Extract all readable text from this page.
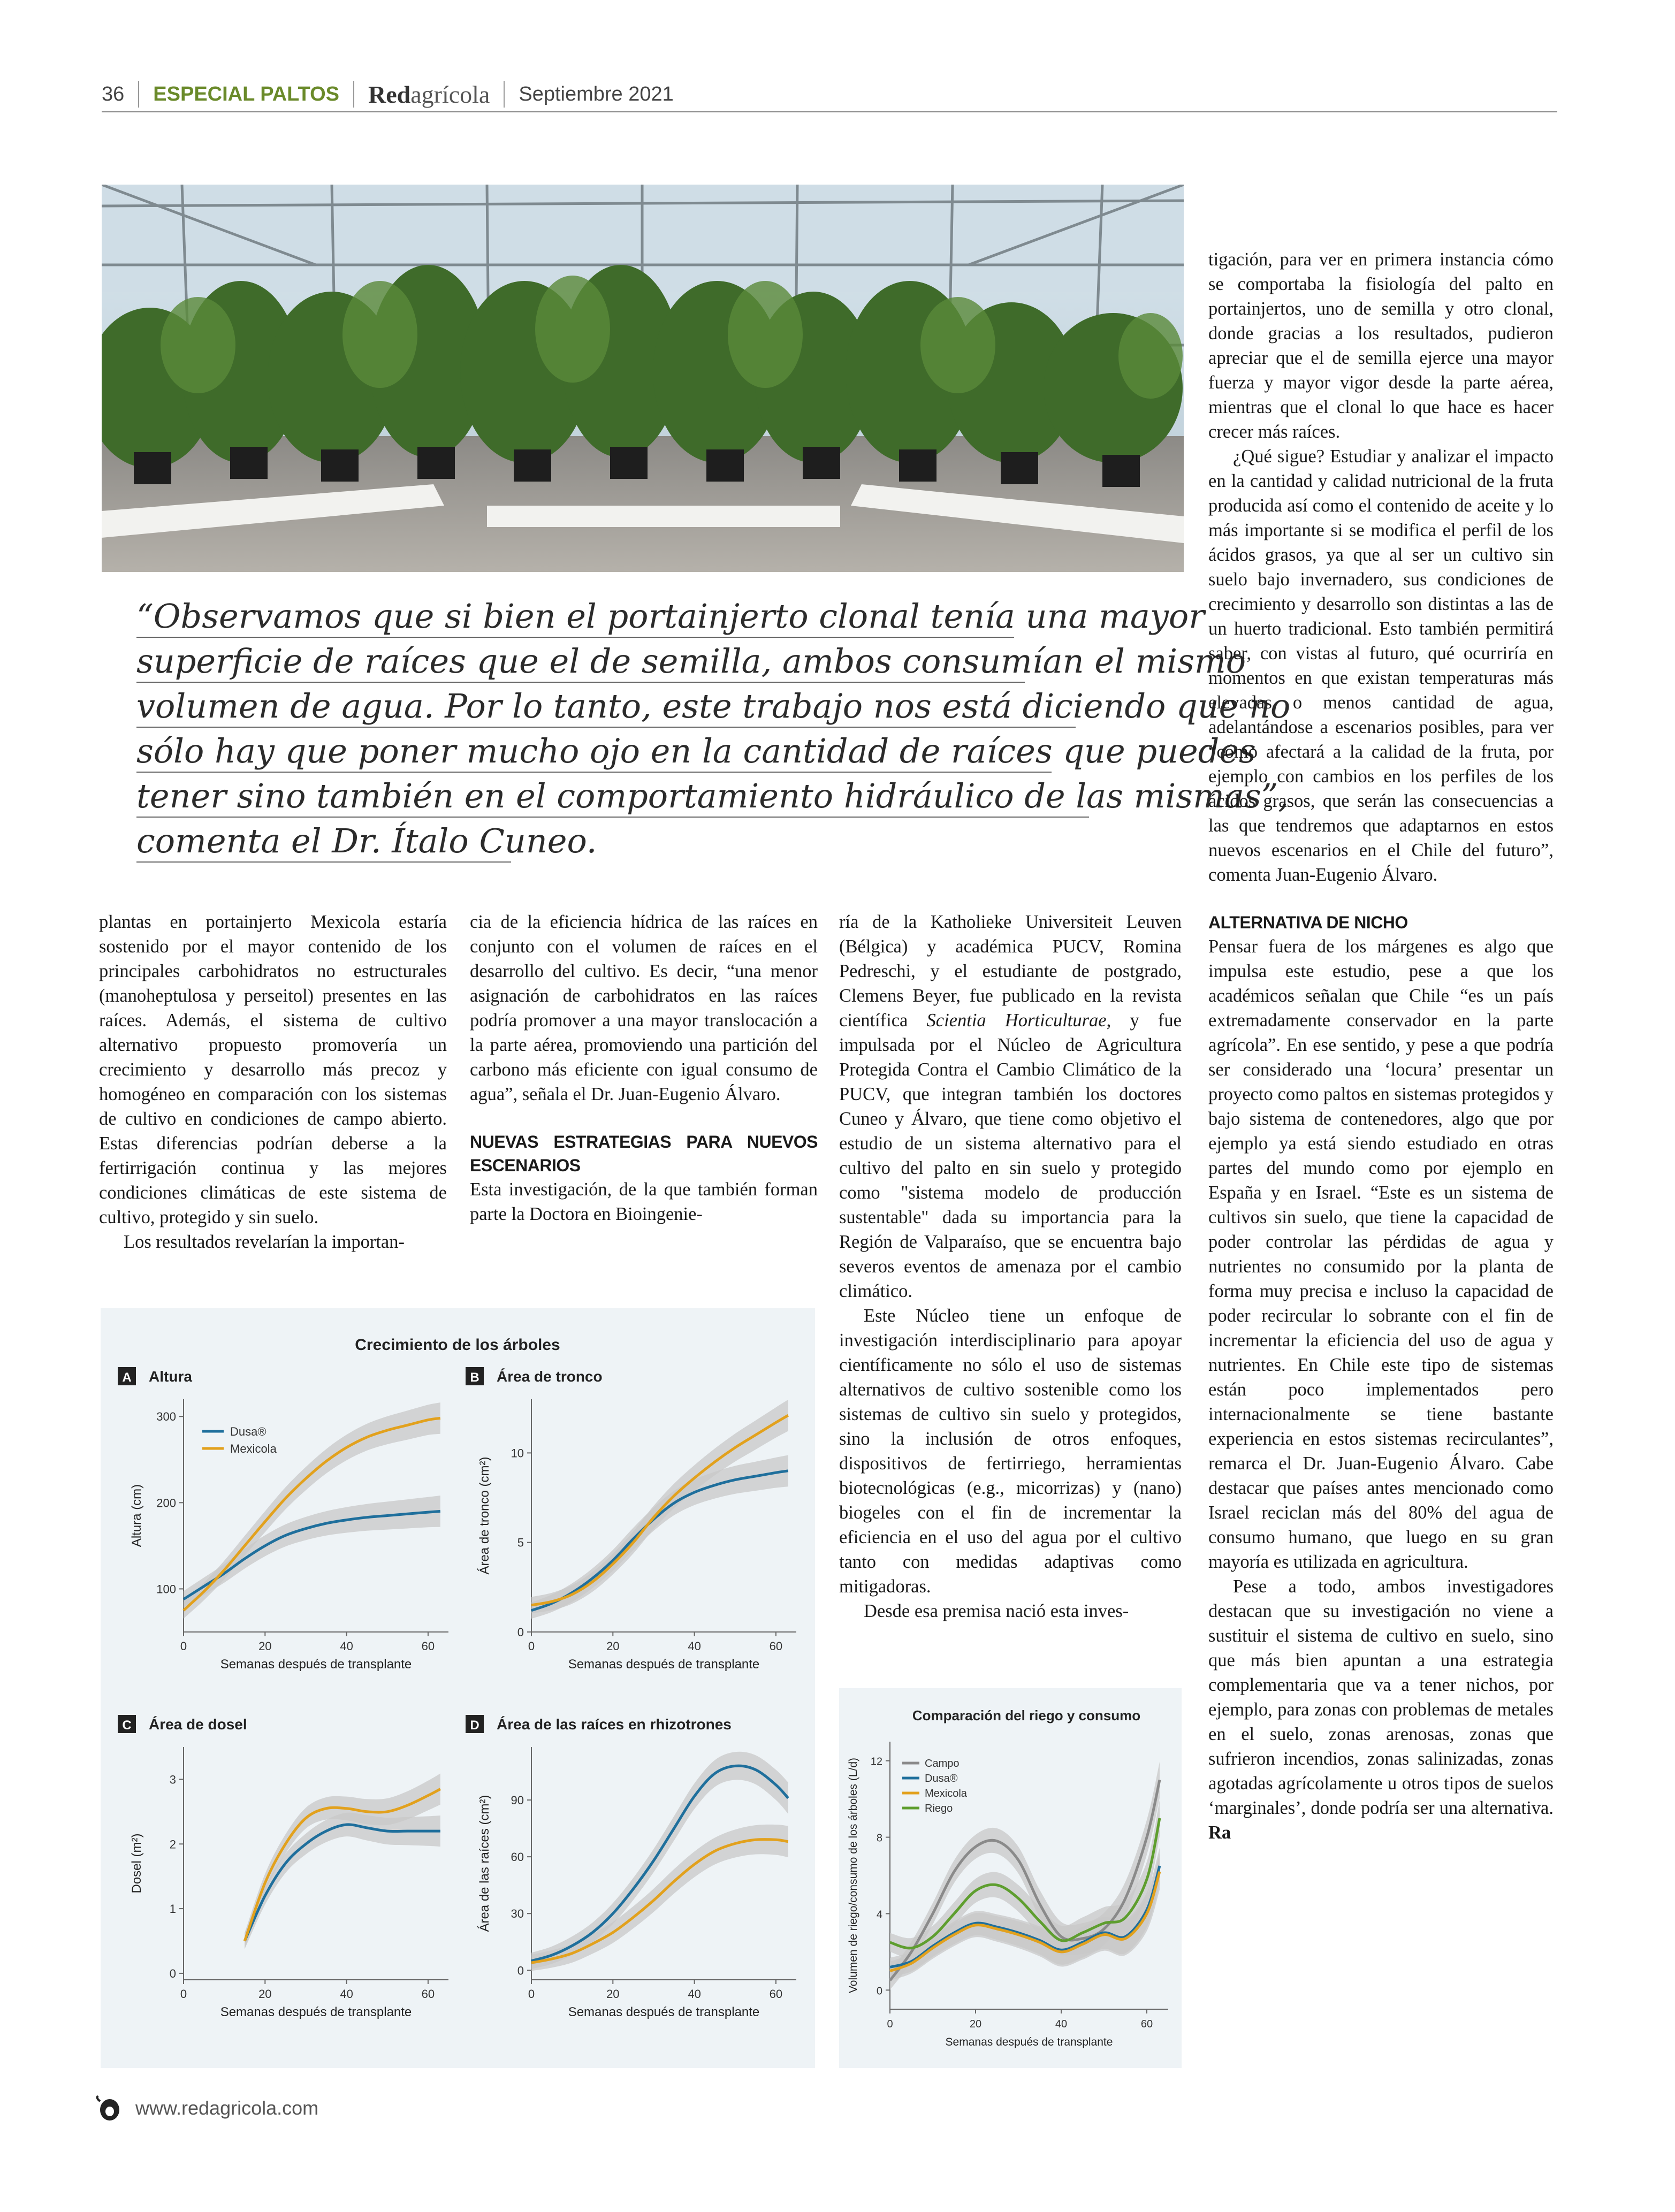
36 ESPECIAL PALTOS Redagrícola Septiembre 2021
“Observamos que si bien el portainjerto clonal tenía una mayor
superficie de raíces que el de semilla, ambos consumían el mismo
volumen de agua. Por lo tanto, este trabajo nos está diciendo que no
sólo hay que poner mucho ojo en la cantidad de raíces que puedes
tener sino también en el comportamiento hidráulico de las mismas”,
comenta el Dr. Ítalo Cuneo.

plantas en portainjerto Mexicola estaría sostenido por el mayor contenido de los principales carbohidratos no estructurales (manoheptulosa y perseitol) presentes en las raíces. Además, el sistema de cultivo alternativo propuesto promovería un crecimiento y desarrollo más precoz y homogéneo en comparación con los sistemas de cultivo en condiciones de campo abierto. Estas diferencias podrían deberse a la fertirrigación continua y las mejores condiciones climáticas de este sistema de cultivo, protegido y sin suelo.

Los resultados revelarían la importan-

cia de la eficiencia hídrica de las raíces en conjunto con el volumen de raíces en el desarrollo del cultivo. Es decir, “una menor asignación de carbohidratos en las raíces podría promover a una mayor translocación a la parte aérea, promoviendo una partición del carbono más eficiente con igual consumo de agua”, señala el Dr. Juan-Eugenio Álvaro.

NUEVAS ESTRATEGIAS PARA NUEVOS ESCENARIOS

Esta investigación, de la que también forman parte la Doctora en Bioingenie-

ría de la Katholieke Universiteit Leuven (Bélgica) y académica PUCV, Romina Pedreschi, y el estudiante de postgrado, Clemens Beyer, fue publicado en la revista científica Scientia Horticulturae, y fue impulsada por el Núcleo de Agricultura Protegida Contra el Cambio Climático de la PUCV, que integran también los doctores Cuneo y Álvaro, que tiene como objetivo el estudio de un sistema alternativo para el cultivo del palto en sin suelo y protegido como "sistema modelo de producción sustentable" dada su importancia para la Región de Valparaíso, que se encuentra bajo severos eventos de amenaza por el cambio climático.

Este Núcleo tiene un enfoque de investigación interdisciplinario para apoyar científicamente no sólo el uso de sistemas alternativos de cultivo sostenible como los sistemas de cultivo sin suelo y protegidos, sino la inclusión de otros enfoques, dispositivos de fertirriego, herramientas biotecnológicas (e.g., micorrizas) y (nano) biogeles con el fin de incrementar la eficiencia en el uso del agua por el cultivo tanto con medidas adaptivas como mitigadoras.

Desde esa premisa nació esta inves-

tigación, para ver en primera instancia cómo se comportaba la fisiología del palto en portainjertos, uno de semilla y otro clonal, donde gracias a los resultados, pudieron apreciar que el de semilla ejerce una mayor fuerza y mayor vigor desde la parte aérea, mientras que el clonal lo que hace es hacer crecer más raíces.

¿Qué sigue? Estudiar y analizar el impacto en la cantidad y calidad nutricional de la fruta producida así como el contenido de aceite y lo más importante si se modifica el perfil de los ácidos grasos, ya que al ser un cultivo sin suelo bajo invernadero, sus condiciones de crecimiento y desarrollo son distintas a las de un huerto tradicional. Esto también permitirá saber, con vistas al futuro, qué ocurriría en momentos en que existan temperaturas más elevadas o menos cantidad de agua, adelantándose a escenarios posibles, para ver “cómo afectará a la calidad de la fruta, por ejemplo con cambios en los perfiles de los ácidos grasos, que serán las consecuencias a las que tendremos que adaptarnos en estos nuevos escenarios en el Chile del futuro”, comenta Juan-Eugenio Álvaro.

ALTERNATIVA DE NICHO

Pensar fuera de los márgenes es algo que impulsa este estudio, pese a que los académicos señalan que Chile “es un país extremadamente conservador en la parte agrícola”. En ese sentido, y pese a que podría ser considerado una ‘locura’ presentar un proyecto como paltos en sistemas protegidos y bajo sistema de contenedores, algo que por ejemplo ya está siendo estudiado en otras partes del mundo como por ejemplo en España y en Israel. “Este es un sistema de cultivos sin suelo, que tiene la capacidad de poder controlar las pérdidas de agua y nutrientes no consumido por la planta de forma muy precisa e incluso la capacidad de poder recircular lo sobrante con el fin de incrementar la eficiencia del uso de agua y nutrientes. En Chile este tipo de sistemas están poco implementados pero internacionalmente se tiene bastante experiencia en estos sistemas recirculantes”, remarca el Dr. Juan-Eugenio Álvaro. Cabe destacar que países antes mencionado como Israel reciclan más del 80% del agua de consumo humano, que luego en su gran mayoría es utilizada en agricultura.

Pese a todo, ambos investigadores destacan que su investigación no viene a sustituir el sistema de cultivo en suelo, sino que más bien apuntan a una estrategia complementaria que va a tener nichos, por ejemplo, para zonas con problemas de metales en el suelo, zonas arenosas, zonas que sufrieron incendios, zonas salinizadas, zonas agotadas agrícolamente u otros tipos de suelos ‘marginales’, donde podría ser una alternativa. Ra

Crecimiento de los árboles
A Altura
100
200
300
0	20	40	60
Semanas después de transplante
Altura (cm)
B Área de tronco
0
5
10
0	20	40	60
Semanas después de transplante
Área de tronco (cm²)
C Área de dosel
0
1
2
3
0	20	40	60
Semanas después de transplante
Dosel (m²)
D Área de las raíces en rhizotrones
0
30
60
90
0	20	40	60
Semanas después de transplante
Área de las raíces (cm²)
Dusa®
Mexicola
Comparación del riego y consumo
0
4
8
12
0	20	40	60
Semanas después de transplante
Volumen de riego/consumo de los árboles (L/d)	Campo
Dusa®
Mexicola
Riego
www.redagricola.com
